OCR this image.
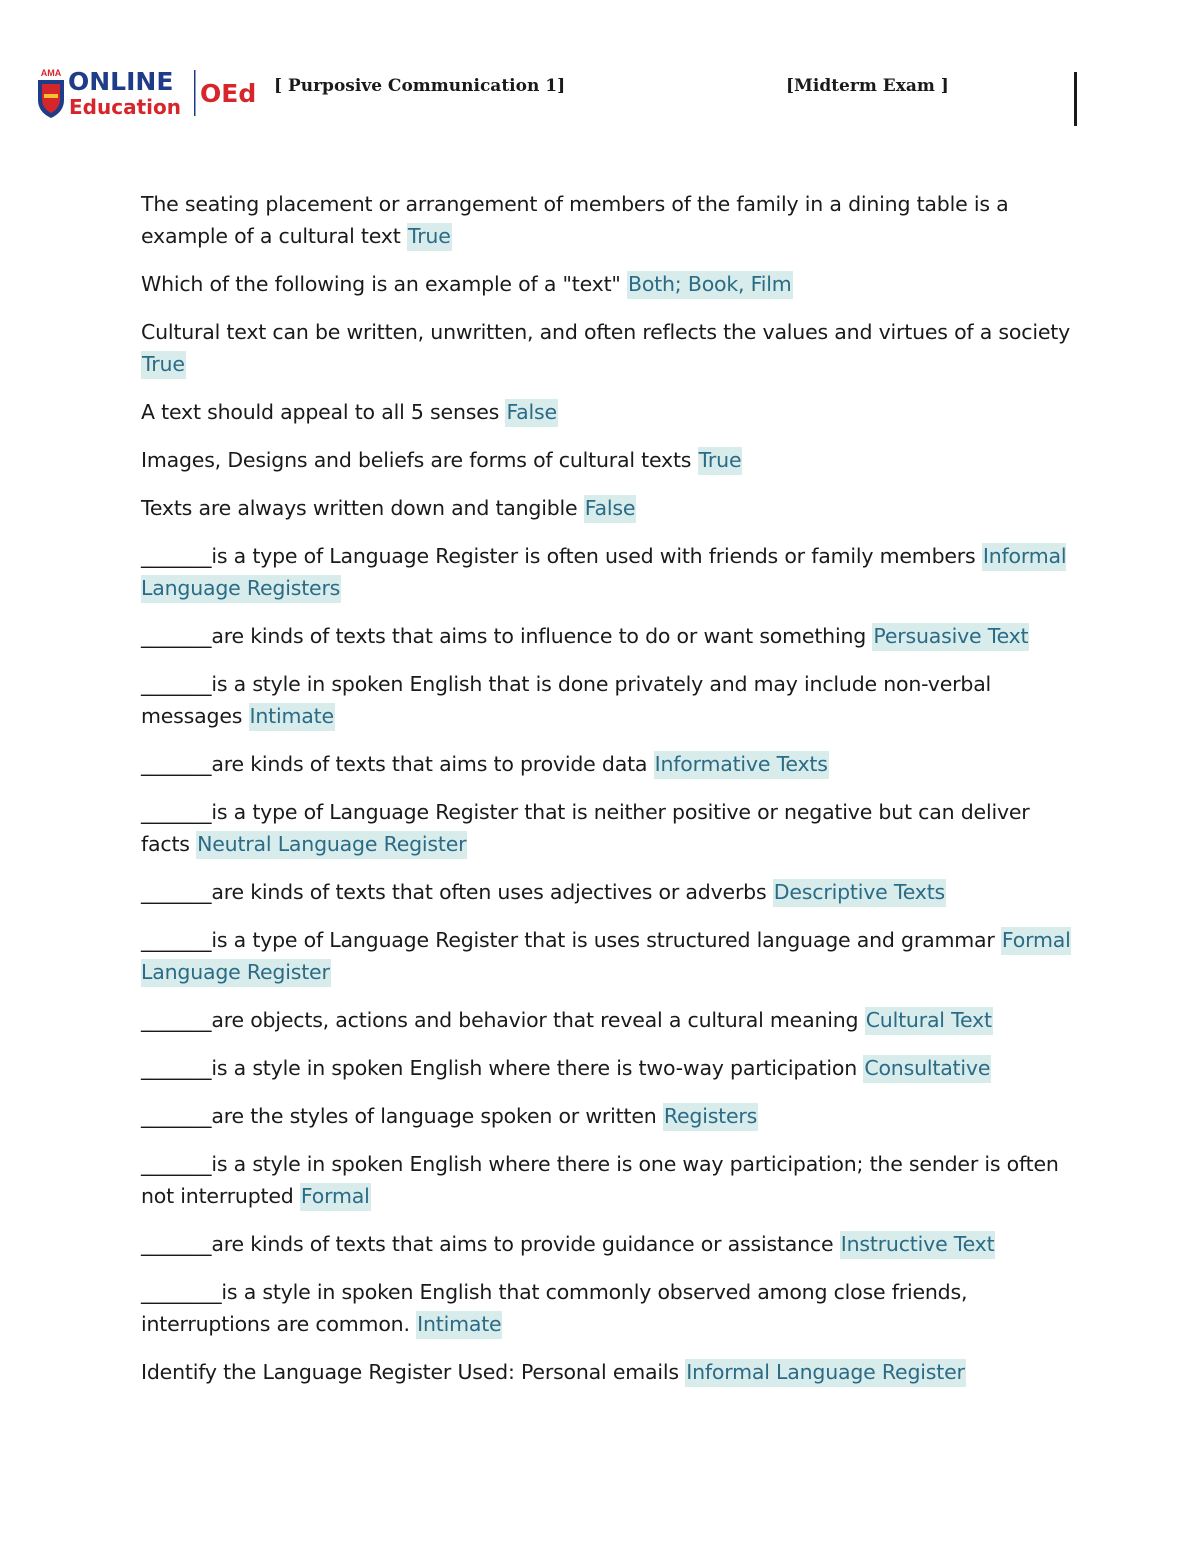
AMA ONLINE
Education OEd [ Purposive Communication 1]	[Midterm Exam ]

The seating placement or arrangement of members of the family in a dining table is a example of a cultural text True

Which of the following is an example of a "text" Both; Book, Film

Cultural text can be written, unwritten, and often reflects the values and virtues of a society True

A text should appeal to all 5 senses False

Images, Designs and beliefs are forms of cultural texts True

Texts are always written down and tangible False

_______is a type of Language Register is often used with friends or family members Informal Language Registers

_______are kinds of texts that aims to influence to do or want something Persuasive Text

_______is a style in spoken English that is done privately and may include non-verbal messages Intimate

_______are kinds of texts that aims to provide data Informative Texts

_______is a type of Language Register that is neither positive or negative but can deliver facts Neutral Language Register

_______are kinds of texts that often uses adjectives or adverbs Descriptive Texts

_______is a type of Language Register that is uses structured language and grammar Formal Language Register

_______are objects, actions and behavior that reveal a cultural meaning Cultural Text

_______is a style in spoken English where there is two-way participation Consultative

_______are the styles of language spoken or written Registers

_______is a style in spoken English where there is one way participation; the sender is often not interrupted Formal

_______are kinds of texts that aims to provide guidance or assistance Instructive Text

________is a style in spoken English that commonly observed among close friends, interruptions are common. Intimate

Identify the Language Register Used: Personal emails Informal Language Register
